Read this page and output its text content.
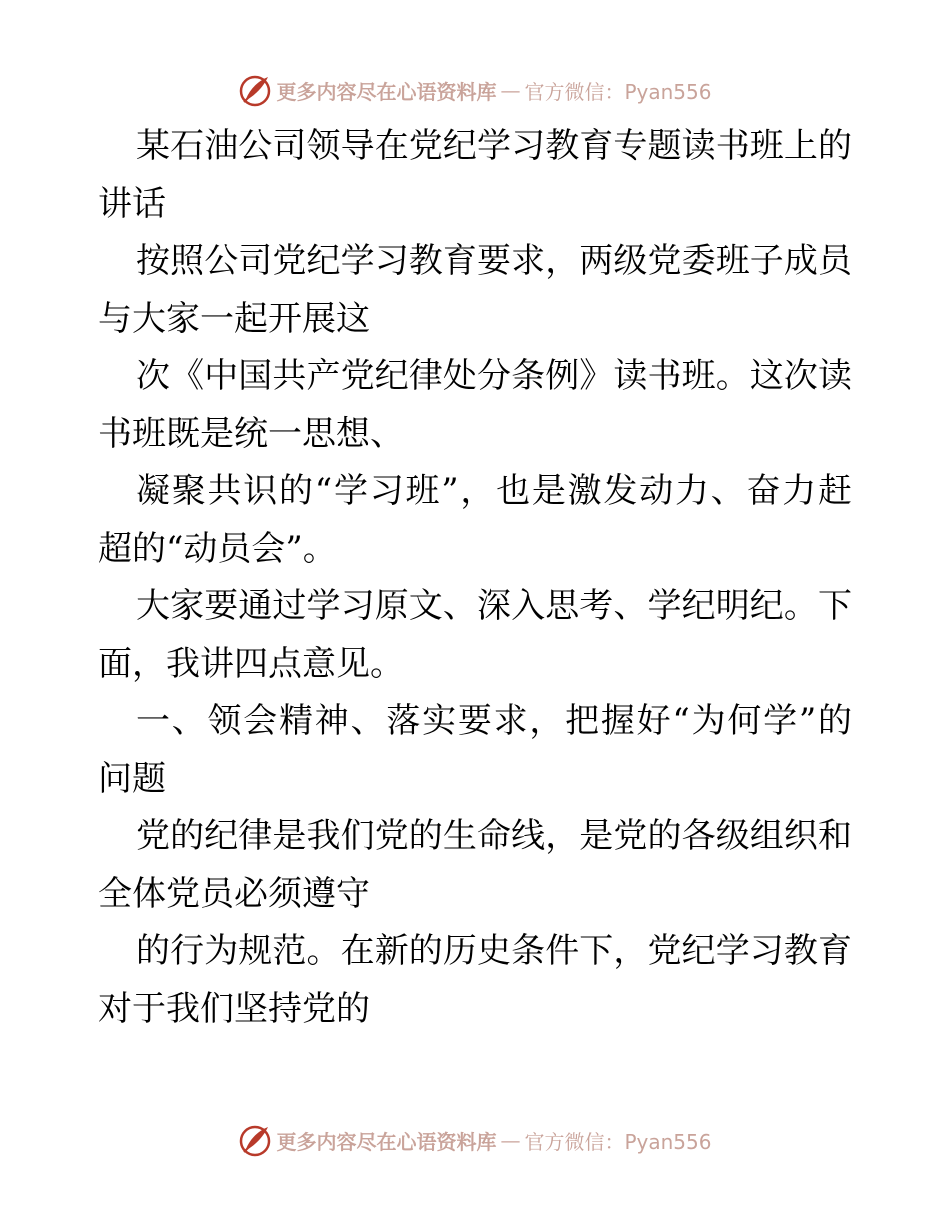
更多内容尽在心语资料库 — 官方微信：Pyan556
某石油公司领导在党纪学习教育专题读书班上的
讲话
按照公司党纪学习教育要求，两级党委班子成员
与大家一起开展这
次《中国共产党纪律处分条例》读书班。这次读
书班既是统一思想、
凝聚共识的“学习班”，也是激发动力、奋力赶
超的“动员会”。
大家要通过学习原文、深入思考、学纪明纪。下
面，我讲四点意见。
一、领会精神、落实要求，把握好“为何学”的
问题
党的纪律是我们党的生命线，是党的各级组织和
全体党员必须遵守
的行为规范。在新的历史条件下，党纪学习教育
对于我们坚持党的
更多内容尽在心语资料库 — 官方微信：Pyan556
